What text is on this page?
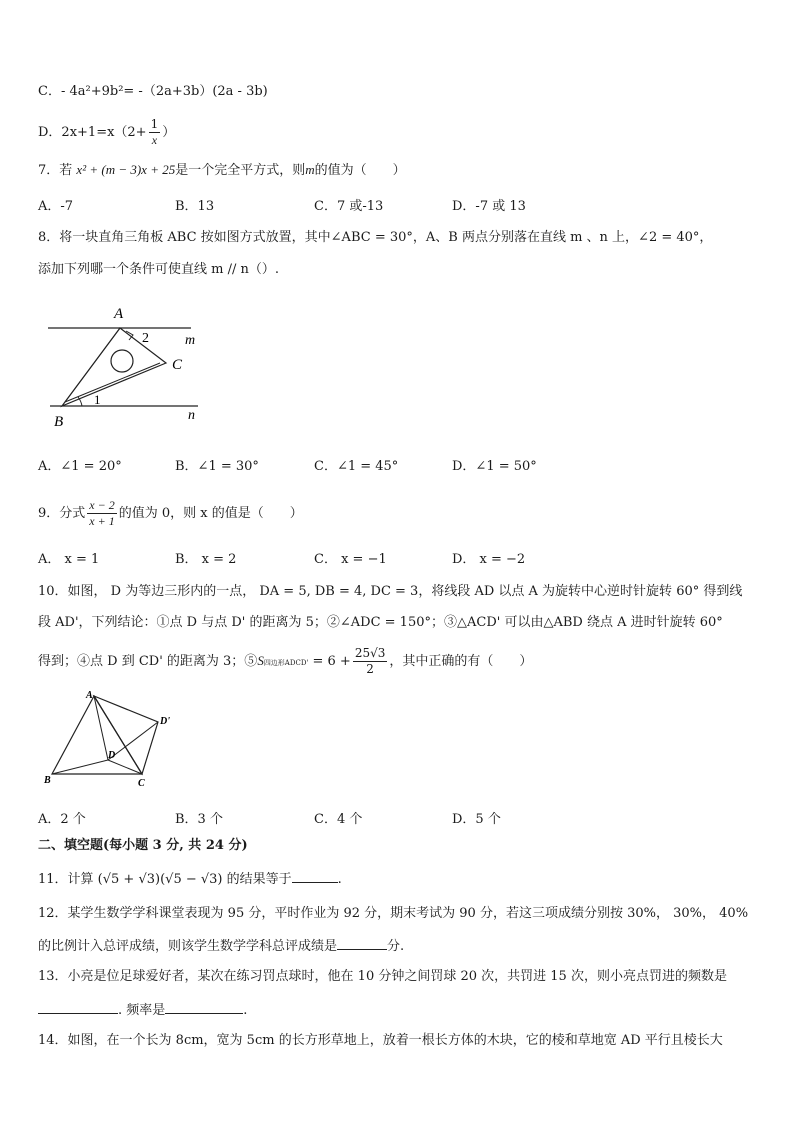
C．- 4a²+9b²= -（2a+3b）(2a - 3b)
D．$2x+1=x(2+ \frac{1}{x}$ ）
7．若 x² + (m − 3)x + 25是一个完全平方式，则m的值为（　　）
A．-7	B．13	C．7 或-13	D．-7 或 13
8．将一块直角三角板 ABC 按如图方式放置，其中∠ABC = 30°，A、B 两点分别落在直线 m 、n 上，∠2 = 40°，
添加下列哪一个条件可使直线 m // n（）.
A
2	m
C
1
n
B
A．∠1 = 20°	B．∠1 = 30°	C．∠1 = 45°	D．∠1 = 50°
9．分式 $\frac{x - 2}{x + 1}$ 的值为 0，则 x 的值是（　　）
A． x = 1	B． x = 2	C． x = −1	D． x = −2
10．如图， D 为等边三形内的一点， DA = 5, DB = 4, DC = 3，将线段 AD 以点 A 为旋转中心逆时针旋转 60° 得到线
段 AD'，下列结论：①点 D 与点 D' 的距离为 5；②∠ADC = 150°；③△ACD' 可以由△ABD 绕点 A 进时针旋转 60°
得到；④点 D 到 CD' 的距离为 3；⑤S四边形ADCD' = $6 + \frac{25√3}{2}$ ，其中正确的有（　　）
A
D'
D
B	C
A．2 个	B．3 个	C．4 个	D．5 个
二、填空题(每小题 3 分, 共 24 分)
11．计算 (√5 + √3)(√5 − √3) 的结果等于	.
12．某学生数学学科课堂表现为 95 分，平时作业为 92 分，期末考试为 90 分，若这三项成绩分别按 30%， 30%， 40%
的比例计入总评成绩，则该学生数学学科总评成绩是	分.
13．小亮是位足球爱好者，某次在练习罚点球时，他在 10 分钟之间罚球 20 次，共罚进 15 次，则小亮点罚进的频数是
. 频率是	.
14．如图，在一个长为 8cm，宽为 5cm 的长方形草地上，放着一根长方体的木块，它的棱和草地宽 AD 平行且棱长大
